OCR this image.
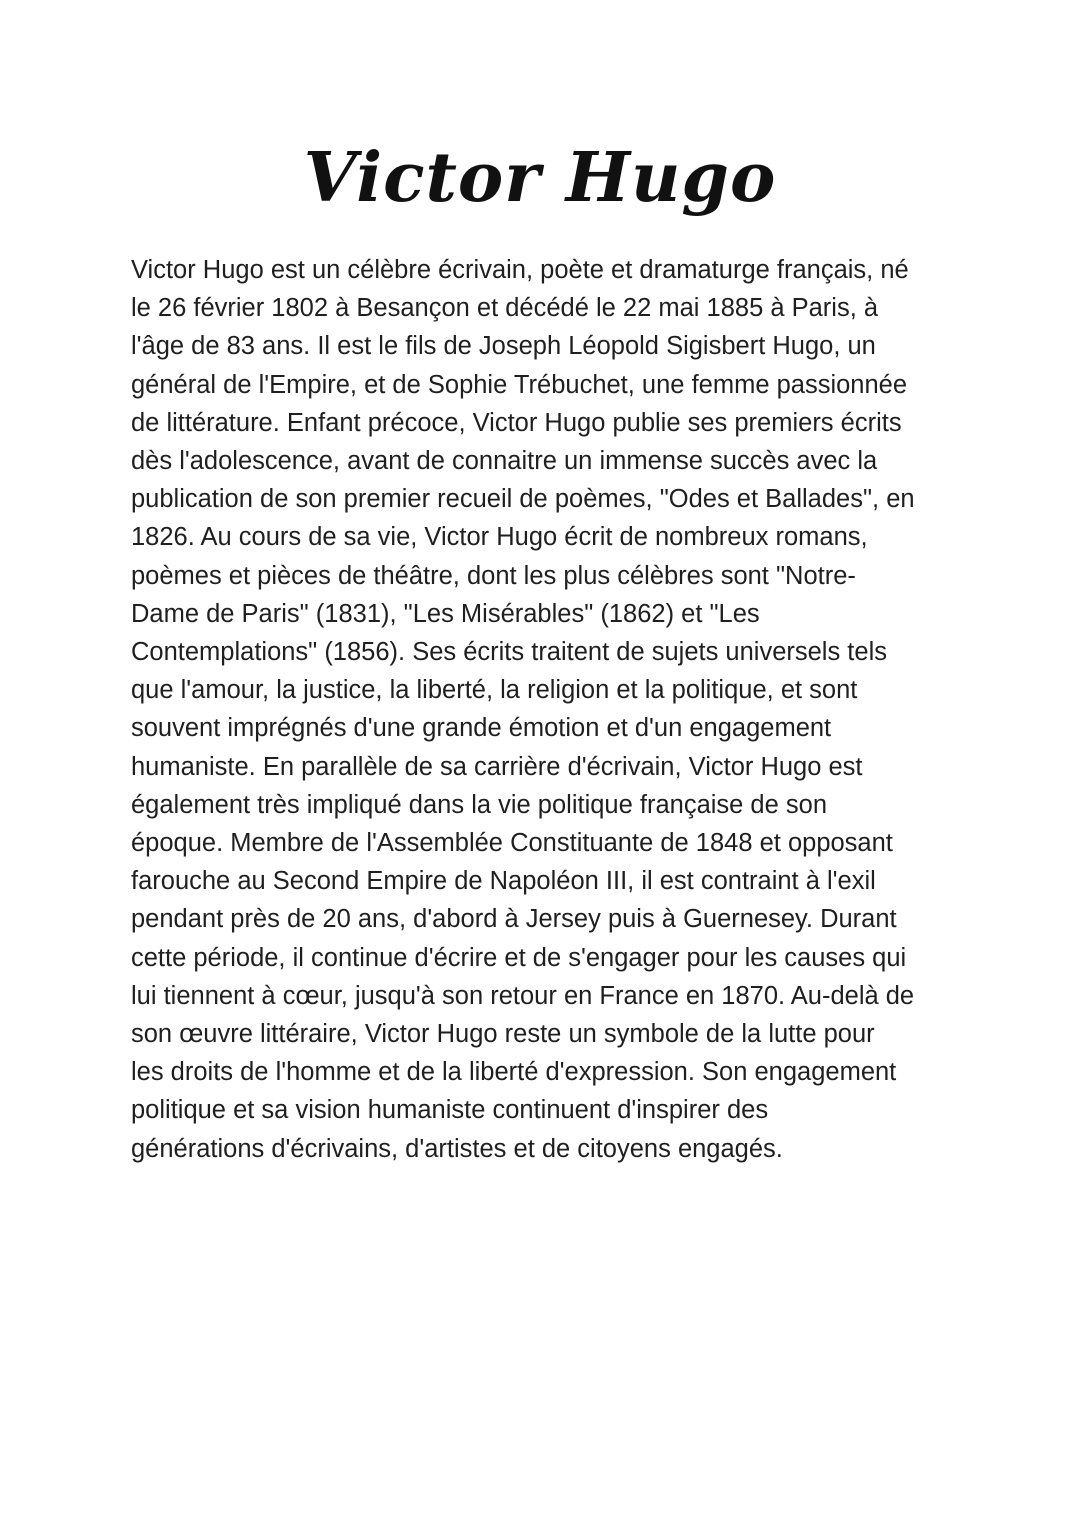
Victor Hugo
Victor Hugo est un célèbre écrivain, poète et dramaturge français, né
le 26 février 1802 à Besançon et décédé le 22 mai 1885 à Paris, à
l'âge de 83 ans. Il est le fils de Joseph Léopold Sigisbert Hugo, un
général de l'Empire, et de Sophie Trébuchet, une femme passionnée
de littérature. Enfant précoce, Victor Hugo publie ses premiers écrits
dès l'adolescence, avant de connaitre un immense succès avec la
publication de son premier recueil de poèmes, "Odes et Ballades", en
1826. Au cours de sa vie, Victor Hugo écrit de nombreux romans,
poèmes et pièces de théâtre, dont les plus célèbres sont "Notre-
Dame de Paris" (1831), "Les Misérables" (1862) et "Les
Contemplations" (1856). Ses écrits traitent de sujets universels tels
que l'amour, la justice, la liberté, la religion et la politique, et sont
souvent imprégnés d'une grande émotion et d'un engagement
humaniste. En parallèle de sa carrière d'écrivain, Victor Hugo est
également très impliqué dans la vie politique française de son
époque. Membre de l'Assemblée Constituante de 1848 et opposant
farouche au Second Empire de Napoléon III, il est contraint à l'exil
pendant près de 20 ans, d'abord à Jersey puis à Guernesey. Durant
cette période, il continue d'écrire et de s'engager pour les causes qui
lui tiennent à cœur, jusqu'à son retour en France en 1870. Au-delà de
son œuvre littéraire, Victor Hugo reste un symbole de la lutte pour
les droits de l'homme et de la liberté d'expression. Son engagement
politique et sa vision humaniste continuent d'inspirer des
générations d'écrivains, d'artistes et de citoyens engagés.
